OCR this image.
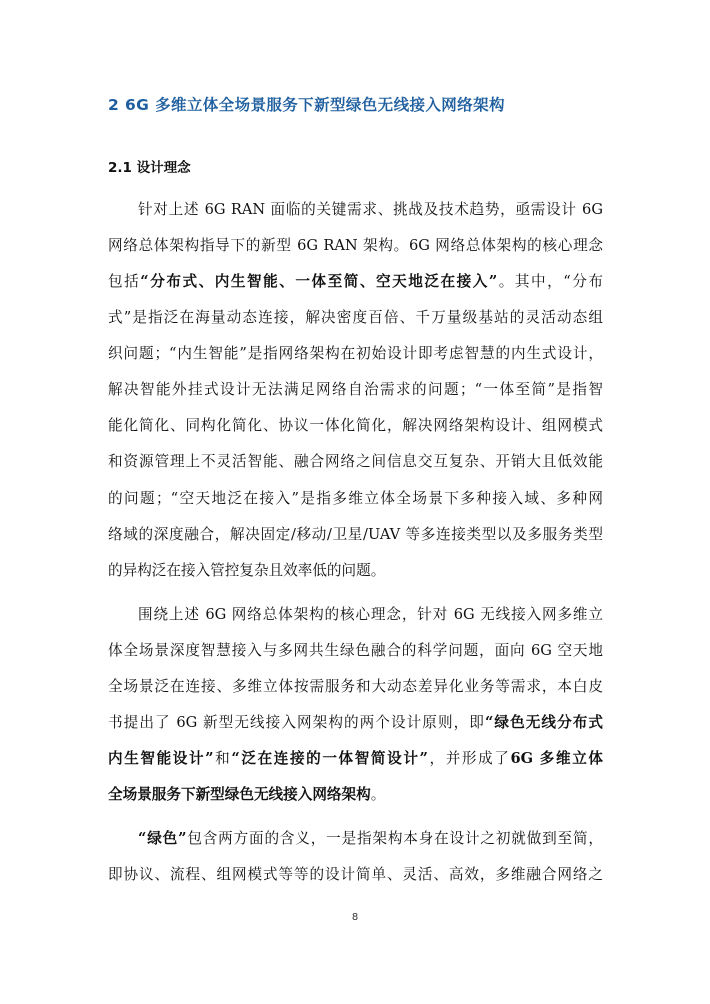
2 6G 多维立体全场景服务下新型绿色无线接入网络架构
2.1 设计理念
针对上述 6G RAN 面临的关键需求、挑战及技术趋势，亟需设计 6G
网络总体架构指导下的新型 6G RAN 架构。6G 网络总体架构的核心理念
包括“分布式、内生智能、一体至简、空天地泛在接入”。其中，“分布
式”是指泛在海量动态连接，解决密度百倍、千万量级基站的灵活动态组
织问题；“内生智能”是指网络架构在初始设计即考虑智慧的内生式设计，
解决智能外挂式设计无法满足网络自治需求的问题；“一体至简”是指智
能化简化、同构化简化、协议一体化简化，解决网络架构设计、组网模式
和资源管理上不灵活智能、融合网络之间信息交互复杂、开销大且低效能
的问题；“空天地泛在接入”是指多维立体全场景下多种接入域、多种网
络域的深度融合，解决固定/移动/卫星/UAV 等多连接类型以及多服务类型
的异构泛在接入管控复杂且效率低的问题。
围绕上述 6G 网络总体架构的核心理念，针对 6G 无线接入网多维立
体全场景深度智慧接入与多网共生绿色融合的科学问题，面向 6G 空天地
全场景泛在连接、多维立体按需服务和大动态差异化业务等需求，本白皮
书提出了 6G 新型无线接入网架构的两个设计原则，即“绿色无线分布式
内生智能设计”和“泛在连接的一体智简设计”，并形成了6G 多维立体
全场景服务下新型绿色无线接入网络架构。
“绿色”包含两方面的含义，一是指架构本身在设计之初就做到至简，
即协议、流程、组网模式等等的设计简单、灵活、高效，多维融合网络之
8
